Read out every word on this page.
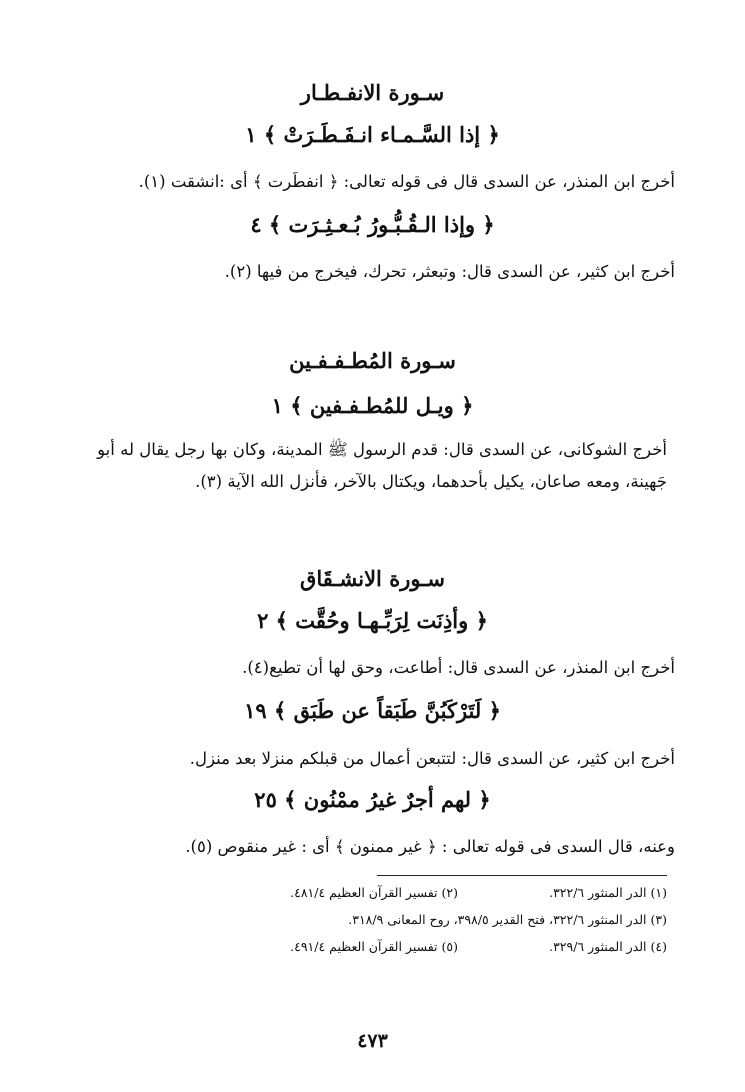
سـورة الانفـطـار
﴿ إذا السَّـمـاء انـفَـطَـرَتْ ﴾ ١
أخرج ابن المنذر، عن السدى قال فى قوله تعالى: ﴿ انفطَرت ﴾ أى :انشقت (١).
﴿ وإذا الـقُـبُّـورُ بُـعـثِـرَت ﴾ ٤
أخرج ابن كثير، عن السدى قال: وتبعثر، تحرك، فيخرج من فيها (٢).
سـورة المُطـفـفـين
﴿ ويـل للمُطـفـفين ﴾ ١
أخرج الشوكانى، عن السدى قال: قدم الرسول ﷺ المدينة، وكان بها رجل يقال له أبو جَهينة، ومعه صاعان، يكيل بأحدهما، ويكتال بالآخر، فأنزل الله الآية (٣).
سـورة الانشـقَاق
﴿ وأذِنَت لِرَبِّـهـا وحُقَّت ﴾ ٢
أخرج ابن المنذر، عن السدى قال: أطاعت، وحق لها أن تطيع(٤).
﴿ لَتَرْكَبُنَّ طَبَقاً عن طَبَق ﴾ ١٩
أخرج ابن كثير، عن السدى قال: لتتبعن أعمال من قبلكم منزلا بعد منزل.
﴿ لهم أجرٌ غيرُ ممْنُون ﴾ ٢٥
وعنه، قال السدى فى قوله تعالى : ﴿ غير ممنون ﴾ أى : غير منقوص (٥).
(١) الدر المنثور ٣٢٢/٦. (٢) تفسير القرآن العظيم ٤٨١/٤.
(٣) الدر المنثور ٣٢٢/٦، فتح القدير ٣٩٨/٥، روح المعانى ٣١٨/٩.
(٤) الدر المنثور ٣٢٩/٦. (٥) تفسير القرآن العظيم ٤٩١/٤.
٤٧٣
